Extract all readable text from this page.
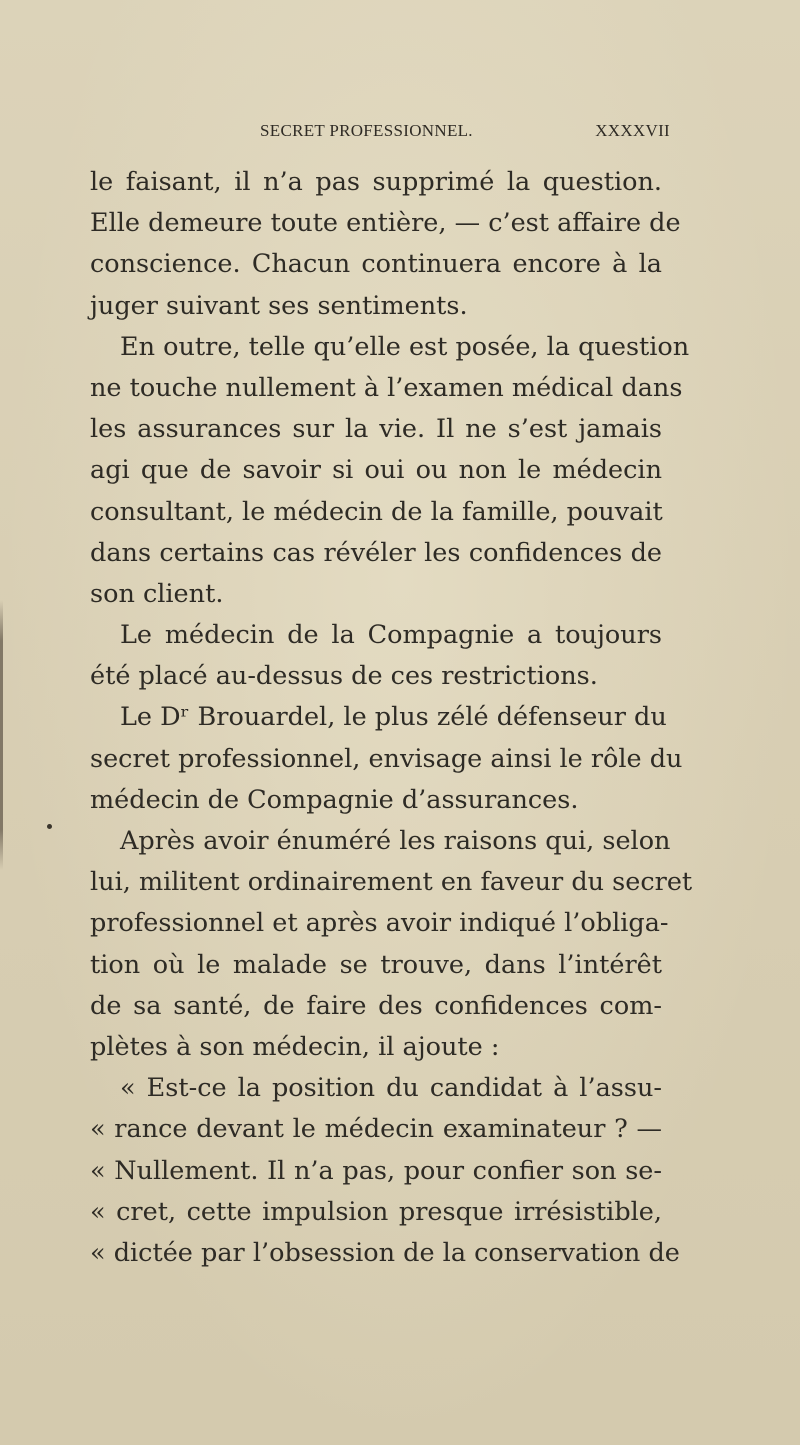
SECRET PROFESSIONNEL.	XXXXVII
le faisant, il n’a pas supprimé la question.
Elle demeure toute entière, — c’est affaire de
conscience. Chacun continuera encore à la
juger suivant ses sentiments.
En outre, telle qu’elle est posée, la question
ne touche nullement à l’examen médical dans
les assurances sur la vie. Il ne s’est jamais
agi que de savoir si oui ou non le médecin
consultant, le médecin de la famille, pouvait
dans certains cas révéler les confidences de
son client.
Le médecin de la Compagnie a toujours
été placé au-dessus de ces restrictions.
Le Dʳ Brouardel, le plus zélé défenseur du
secret professionnel, envisage ainsi le rôle du
médecin de Compagnie d’assurances.
Après avoir énuméré les raisons qui, selon
lui, militent ordinairement en faveur du secret
professionnel et après avoir indiqué l’obliga-
tion où le malade se trouve, dans l’intérêt
de sa santé, de faire des confidences com-
plètes à son médecin, il ajoute :
« Est-ce la position du candidat à l’assu-
« rance devant le médecin examinateur ? —
« Nullement. Il n’a pas, pour confier son se-
« cret, cette impulsion presque irrésistible,
« dictée par l’obsession de la conservation de
